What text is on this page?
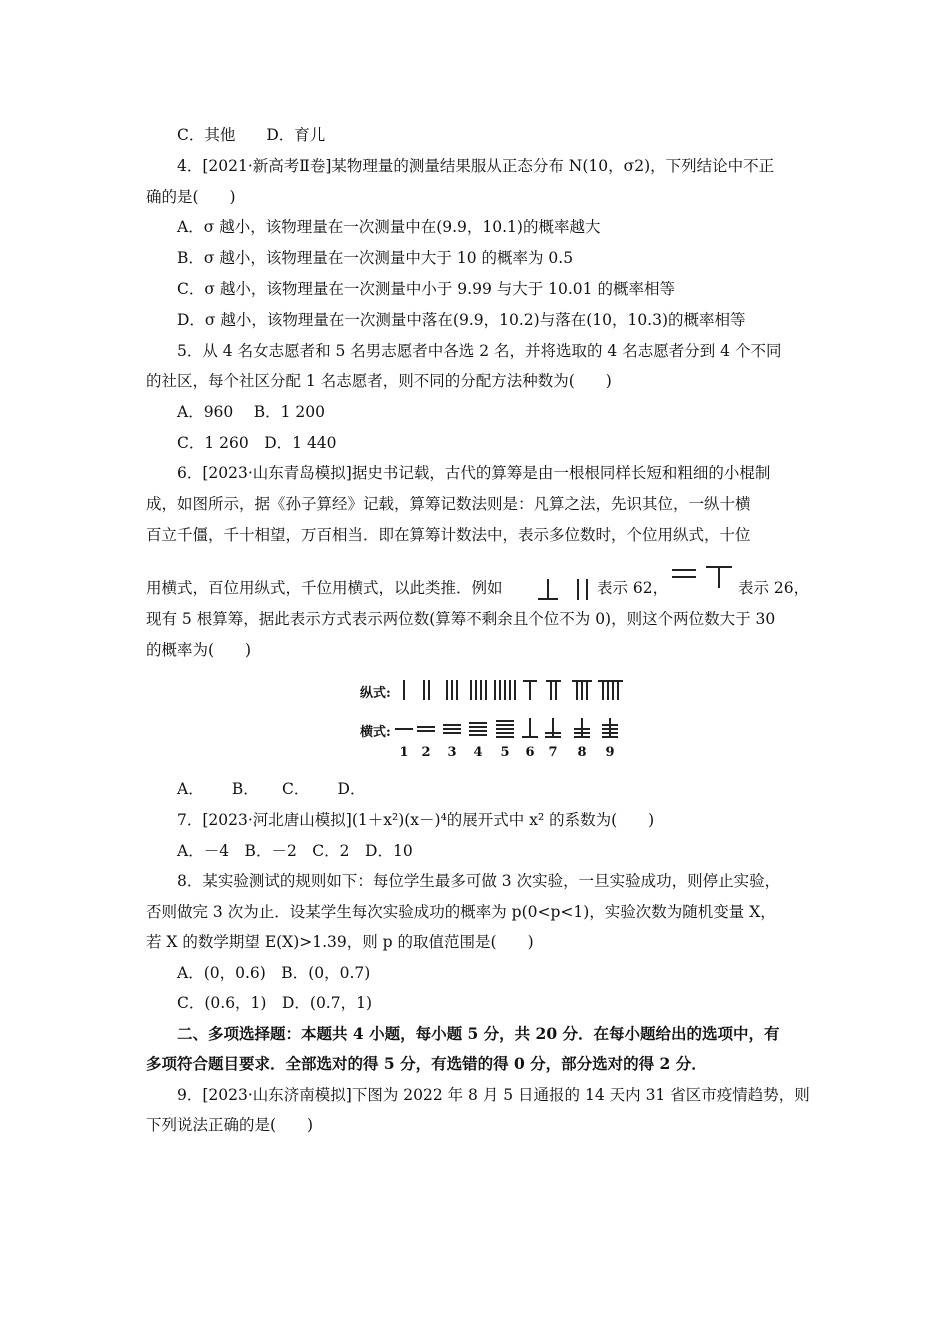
C．其他　　D．育儿
4．[2021·新高考Ⅱ卷]某物理量的测量结果服从正态分布 N(10，σ2)，下列结论中不正
确的是(　　)
A．σ 越小，该物理量在一次测量中在(9.9，10.1)的概率越大
B．σ 越小，该物理量在一次测量中大于 10 的概率为 0.5
C．σ 越小，该物理量在一次测量中小于 9.99 与大于 10.01 的概率相等
D．σ 越小，该物理量在一次测量中落在(9.9，10.2)与落在(10，10.3)的概率相等
5．从 4 名女志愿者和 5 名男志愿者中各选 2 名，并将选取的 4 名志愿者分到 4 个不同
的社区，每个社区分配 1 名志愿者，则不同的分配方法种数为(　　)
A．960　 B．1 200
C．1 260　D．1 440
6．[2023·山东青岛模拟]据史书记载，古代的算筹是由一根根同样长短和粗细的小棍制
成，如图所示，据《孙子算经》记载，算筹记数法则是：凡算之法，先识其位，一纵十横
百立千僵，千十相望，万百相当．即在算筹计数法中，表示多位数时，个位用纵式，十位
用横式，百位用纵式，千位用横式，以此类推．例如	表示 62，	表示 26，
现有 5 根算筹，据此表示方式表示两位数(算筹不剩余且个位不为 0)，则这个两位数大于 30
的概率为(　　)
纵式:
横式:
1 2 3 4 5 6 7 8 9
A．　　 B．　　C．　　 D．
7．[2023·河北唐山模拟](1＋x²)(x－)⁴的展开式中 x² 的系数为(　　)
A．－4　B．－2　C．2　D．10
8．某实验测试的规则如下：每位学生最多可做 3 次实验，一旦实验成功，则停止实验，
否则做完 3 次为止．设某学生每次实验成功的概率为 p(0<p<1)，实验次数为随机变量 X，
若 X 的数学期望 E(X)>1.39，则 p 的取值范围是(　　)
A．(0，0.6)　B．(0，0.7)
C．(0.6，1)　D．(0.7，1)
二、多项选择题：本题共 4 小题，每小题 5 分，共 20 分．在每小题给出的选项中，有
多项符合题目要求．全部选对的得 5 分，有选错的得 0 分，部分选对的得 2 分．
9．[2023·山东济南模拟]下图为 2022 年 8 月 5 日通报的 14 天内 31 省区市疫情趋势，则
下列说法正确的是(　　)
